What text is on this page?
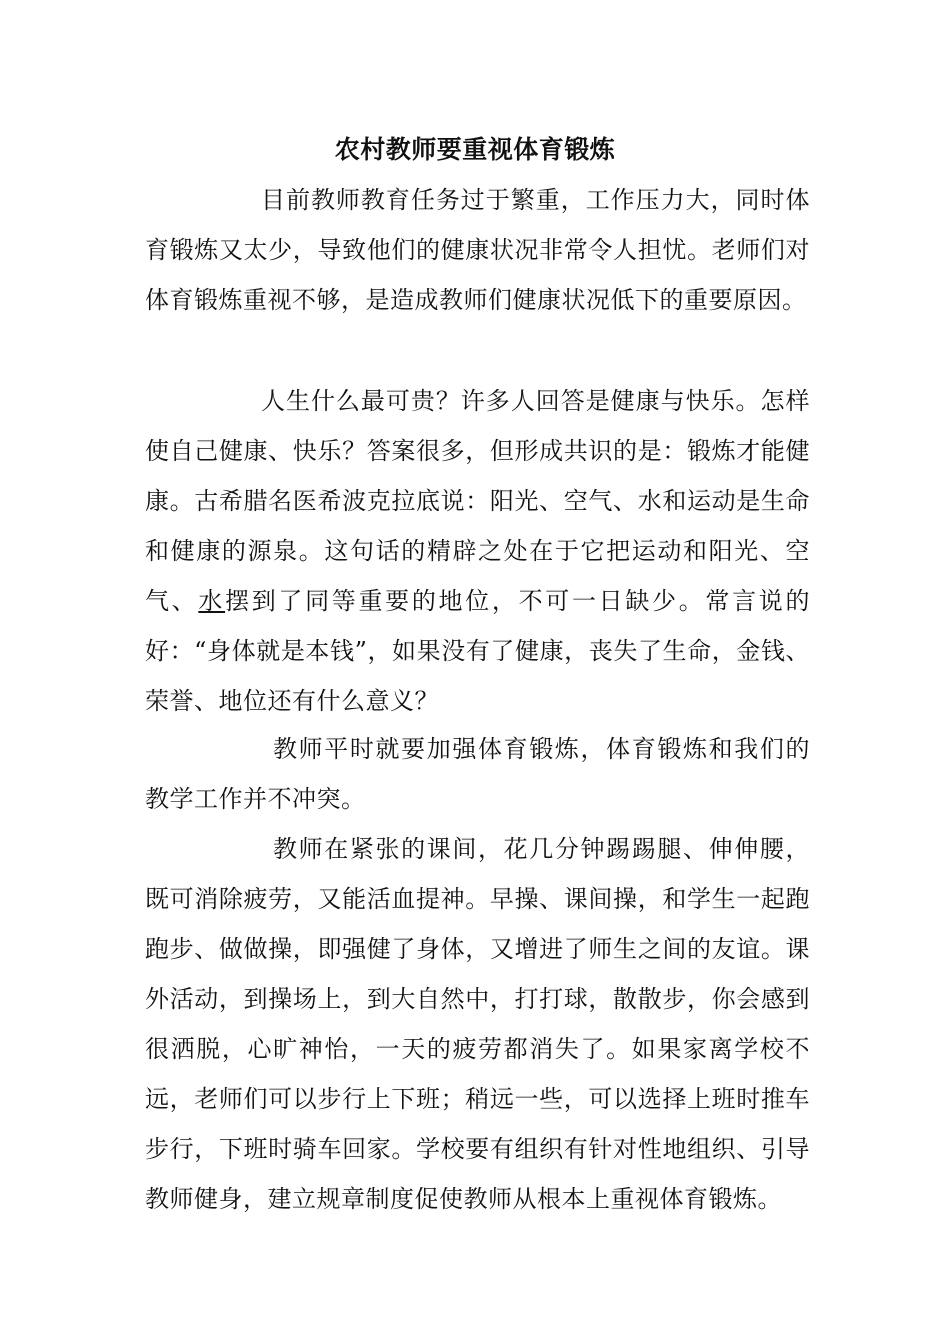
农村教师要重视体育锻炼
目前教师教育任务过于繁重，工作压力大，同时体育锻炼又太少，导致他们的健康状况非常令人担忧。老师们对体育锻炼重视不够，是造成教师们健康状况低下的重要原因。
人生什么最可贵？许多人回答是健康与快乐。怎样使自己健康、快乐？答案很多，但形成共识的是：锻炼才能健康。古希腊名医希波克拉底说：阳光、空气、水和运动是生命和健康的源泉。这句话的精辟之处在于它把运动和阳光、空气、水摆到了同等重要的地位，不可一日缺少。常言说的好：“身体就是本钱”，如果没有了健康，丧失了生命，金钱、荣誉、地位还有什么意义？
教师平时就要加强体育锻炼，体育锻炼和我们的教学工作并不冲突。
教师在紧张的课间，花几分钟踢踢腿、伸伸腰，既可消除疲劳，又能活血提神。早操、课间操，和学生一起跑跑步、做做操，即强健了身体，又增进了师生之间的友谊。课外活动，到操场上，到大自然中，打打球，散散步，你会感到很洒脱，心旷神怡，一天的疲劳都消失了。如果家离学校不远，老师们可以步行上下班；稍远一些，可以选择上班时推车步行，下班时骑车回家。学校要有组织有针对性地组织、引导教师健身，建立规章制度促使教师从根本上重视体育锻炼。
